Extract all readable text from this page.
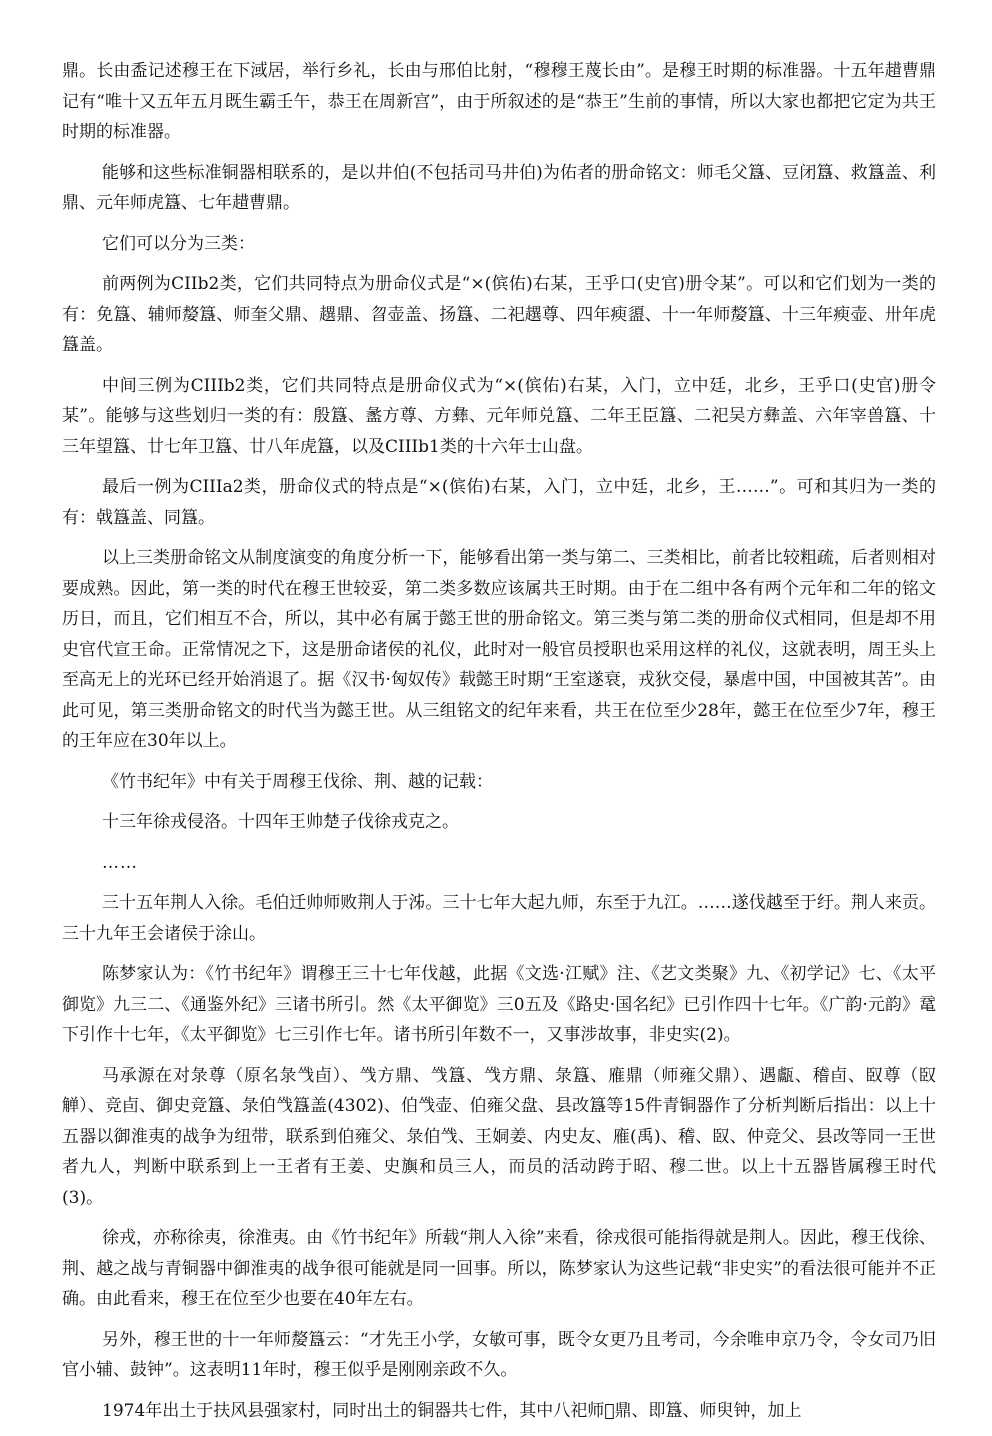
鼎。长由盉记述穆王在下淢居，举行乡礼，长由与邢伯比射，“穆穆王蔑长由”。是穆王时期的标准器。十五年趞曹鼎记有“唯十又五年五月既生霸壬午，恭王在周新宫”，由于所叙述的是“恭王”生前的事情，所以大家也都把它定为共王时期的标准器。

能够和这些标准铜器相联系的，是以井伯(不包括司马井伯)为佑者的册命铭文：师毛父簋、豆闭簋、救簋盖、利鼎、元年师虎簋、七年趞曹鼎。

它们可以分为三类：

前两例为CIIb2类，它们共同特点为册命仪式是“×(傧佑)右某，王乎口(史官)册令某”。可以和它们划为一类的有：免簋、辅师嫠簋、师奎父鼎、趩鼎、曶壶盖、扬簋、二祀趩尊、四年瘐盨、十一年师嫠簋、十三年瘐壶、卅年虎簋盖。

中间三例为CIIIb2类，它们共同特点是册命仪式为“×(傧佑)右某，入门，立中廷，北乡，王乎口(史官)册令某”。能够与这些划归一类的有：殷簋、盠方尊、方彝、元年师兑簋、二年王臣簋、二祀吴方彝盖、六年宰兽簋、十三年望簋、廿七年卫簋、廿八年虎簋，以及CIIIb1类的十六年士山盘。

最后一例为CIIIa2类，册命仪式的特点是“×(傧佑)右某，入门，立中廷，北乡，王……”。可和其归为一类的有：㦸簋盖、同簋。

以上三类册命铭文从制度演变的角度分析一下，能够看出第一类与第二、三类相比，前者比较粗疏，后者则相对要成熟。因此，第一类的时代在穆王世较妥，第二类多数应该属共王时期。由于在二组中各有两个元年和二年的铭文历日，而且，它们相互不合，所以，其中必有属于懿王世的册命铭文。第三类与第二类的册命仪式相同，但是却不用史官代宣王命。正常情况之下，这是册命诸侯的礼仪，此时对一般官员授职也采用这样的礼仪，这就表明，周王头上至高无上的光环已经开始消退了。据《汉书·匈奴传》载懿王时期“王室遂衰，戎狄交侵，暴虐中国，中国被其苦”。由此可见，第三类册命铭文的时代当为懿王世。从三组铭文的纪年来看，共王在位至少28年，懿王在位至少7年，穆王的王年应在30年以上。

《竹书纪年》中有关于周穆王伐徐、荆、越的记载：

十三年徐戎侵洛。十四年王帅楚子伐徐戎克之。

……

三十五年荆人入徐。毛伯迁帅师败荆人于泲。三十七年大起九师，东至于九江。……遂伐越至于纡。荆人来贡。三十九年王会诸侯于涂山。

陈梦家认为：《竹书纪年》谓穆王三十七年伐越，此据《文选·江赋》注、《艺文类聚》九、《初学记》七、《太平御览》九三二、《通鉴外纪》三诸书所引。然《太平御览》三0五及《路史·国名纪》已引作四十七年。《广韵·元韵》鼋下引作十七年，《太平御览》七三引作七年。诸书所引年数不一，又事涉故事，非史实(2)。

马承源在对彔尊（原名彔㦰卣）、㦰方鼎、㦰簋、㦰方鼎、彔簋、䧹鼎（师雍父鼎）、遇甗、稽卣、臤尊（臤觯）、竞卣、御史竞簋、彔伯㦰簋盖(4302)、伯㦰壶、伯雍父盘、县改簋等15件青铜器作了分析判断后指出：以上十五器以御淮夷的战争为纽带，联系到伯雍父、彔伯㦰、王姛姜、内史友、䧹(禹)、稽、臤、仲竞父、县改等同一王世者九人，判断中联系到上一王者有王姜、史旟和员三人，而员的活动跨于昭、穆二世。以上十五器皆属穆王时代(3)。

徐戎，亦称徐夷，徐淮夷。由《竹书纪年》所载“荆人入徐”来看，徐戎很可能指得就是荆人。因此，穆王伐徐、荆、越之战与青铜器中御淮夷的战争很可能就是同一回事。所以，陈梦家认为这些记载“非史实”的看法很可能并不正确。由此看来，穆王在位至少也要在40年左右。

另外，穆王世的十一年师嫠簋云：“才先王小学，女敏可事，既令女更乃且考司，今余唯申京乃令，令女司乃旧官小辅、鼓钟”。这表明11年时，穆王似乎是刚刚亲政不久。

1974年出土于扶风县强家村，同时出土的铜器共七件，其中八祀师𫊷鼎、即簋、师臾钟，加上
